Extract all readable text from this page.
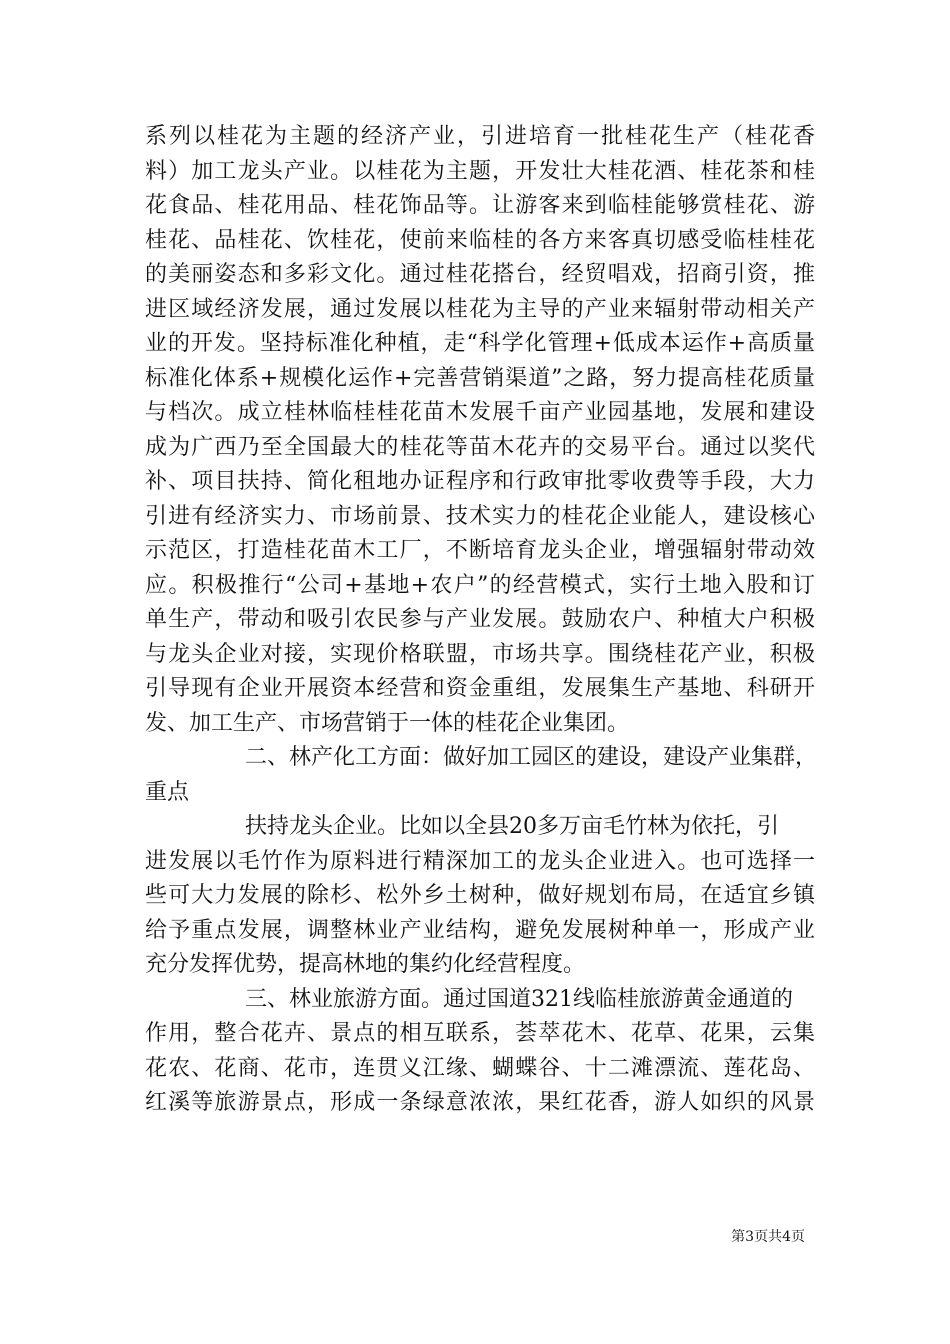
系列以桂花为主题的经济产业，引进培育一批桂花生产（桂花香
料）加工龙头产业。以桂花为主题，开发壮大桂花酒、桂花茶和桂
花食品、桂花用品、桂花饰品等。让游客来到临桂能够赏桂花、游
桂花、品桂花、饮桂花，使前来临桂的各方来客真切感受临桂桂花
的美丽姿态和多彩文化。通过桂花搭台，经贸唱戏，招商引资，推
进区域经济发展，通过发展以桂花为主导的产业来辐射带动相关产
业的开发。坚持标准化种植，走“科学化管理+低成本运作+高质量
标准化体系+规模化运作+完善营销渠道”之路，努力提高桂花质量
与档次。成立桂林临桂桂花苗木发展千亩产业园基地，发展和建设
成为广西乃至全国最大的桂花等苗木花卉的交易平台。通过以奖代
补、项目扶持、简化租地办证程序和行政审批零收费等手段，大力
引进有经济实力、市场前景、技术实力的桂花企业能人，建设核心
示范区，打造桂花苗木工厂，不断培育龙头企业，增强辐射带动效
应。积极推行“公司+基地+农户”的经营模式，实行土地入股和订
单生产，带动和吸引农民参与产业发展。鼓励农户、种植大户积极
与龙头企业对接，实现价格联盟，市场共享。围绕桂花产业，积极
引导现有企业开展资本经营和资金重组，发展集生产基地、科研开
发、加工生产、市场营销于一体的桂花企业集团。
二、林产化工方面：做好加工园区的建设，建设产业集群，
重点
扶持龙头企业。比如以全县20多万亩毛竹林为依托，引
进发展以毛竹作为原料进行精深加工的龙头企业进入。也可选择一
些可大力发展的除杉、松外乡土树种，做好规划布局，在适宜乡镇
给予重点发展，调整林业产业结构，避免发展树种单一，形成产业
充分发挥优势，提高林地的集约化经营程度。
三、林业旅游方面。通过国道321线临桂旅游黄金通道的
作用，整合花卉、景点的相互联系，荟萃花木、花草、花果，云集
花农、花商、花市，连贯义江缘、蝴蝶谷、十二滩漂流、莲花岛、
红溪等旅游景点，形成一条绿意浓浓，果红花香，游人如织的风景
第3页共4页
